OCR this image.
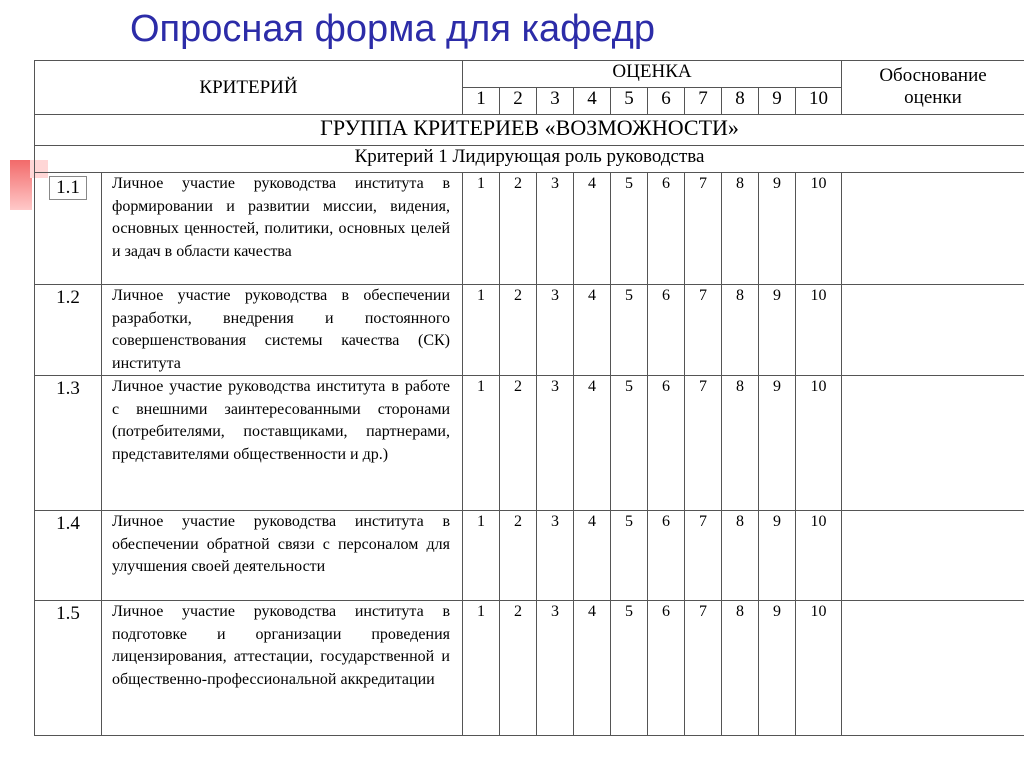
Опросная форма для кафедр
КРИТЕРИЙ		ОЦЕНКА										Обоснование
оценки
		1	2	3	4	5	6	7	8	9	10	
ГРУППА КРИТЕРИЕВ «ВОЗМОЖНОСТИ»												
Критерий 1 Лидирующая роль руководства												
1.1	Личное участие руководства института в формировании и развитии миссии, видения, основных ценностей, политики, основных целей и задач в области качества	1	2	3	4	5	6	7	8	9	10	
1.2	Личное участие руководства в обеспечении разработки, внедрения и постоянного совершенствования системы качества (СК) института	1	2	3	4	5	6	7	8	9	10	
1.3	Личное участие руководства института в работе с внешними заинтересованными сторонами (потребителями, поставщиками, партнерами, представителями общественности и др.)	1	2	3	4	5	6	7	8	9	10	
1.4	Личное участие руководства института в обеспечении обратной связи с персоналом для улучшения своей деятельности	1	2	3	4	5	6	7	8	9	10	
1.5	Личное участие руководства института в подготовке и организации проведения лицензирования, аттестации, государственной и общественно-профессиональной аккредитации	1	2	3	4	5	6	7	8	9	10	
